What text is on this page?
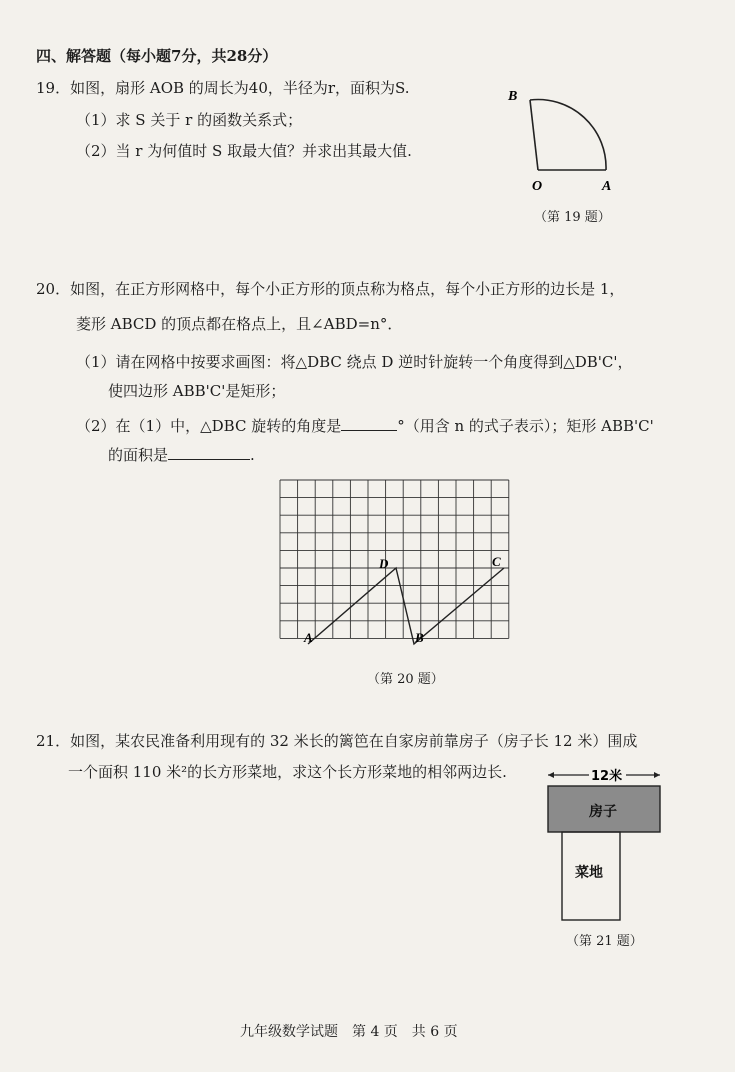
四、解答题（每小题7分，共28分）
19．如图，扇形 AOB 的周长为40，半径为r，面积为S.
（1）求 S 关于 r 的函数关系式；
（2）当 r 为何值时 S 取最大值？并求出其最大值.
B
O	A
（第 19 题）
20．如图，在正方形网格中，每个小正方形的顶点称为格点，每个小正方形的边长是 1，
菱形 ABCD 的顶点都在格点上，且∠ABD=n°．
（1）请在网格中按要求画图：将△DBC 绕点 D 逆时针旋转一个角度得到△DB'C'，
使四边形 ABB'C'是矩形；
（2）在（1）中，△DBC 旋转的角度是	°（用含 n 的式子表示）；矩形 ABB'C'
的面积是	.
A	B
C
D
（第 20 题）
21．如图，某农民准备利用现有的 32 米长的篱笆在自家房前靠房子（房子长 12 米）围成
一个面积 110 米²的长方形菜地，求这个长方形菜地的相邻两边长.	12米
房子
菜地
（第 21 题）
九年级数学试题　第 4 页　共 6 页
